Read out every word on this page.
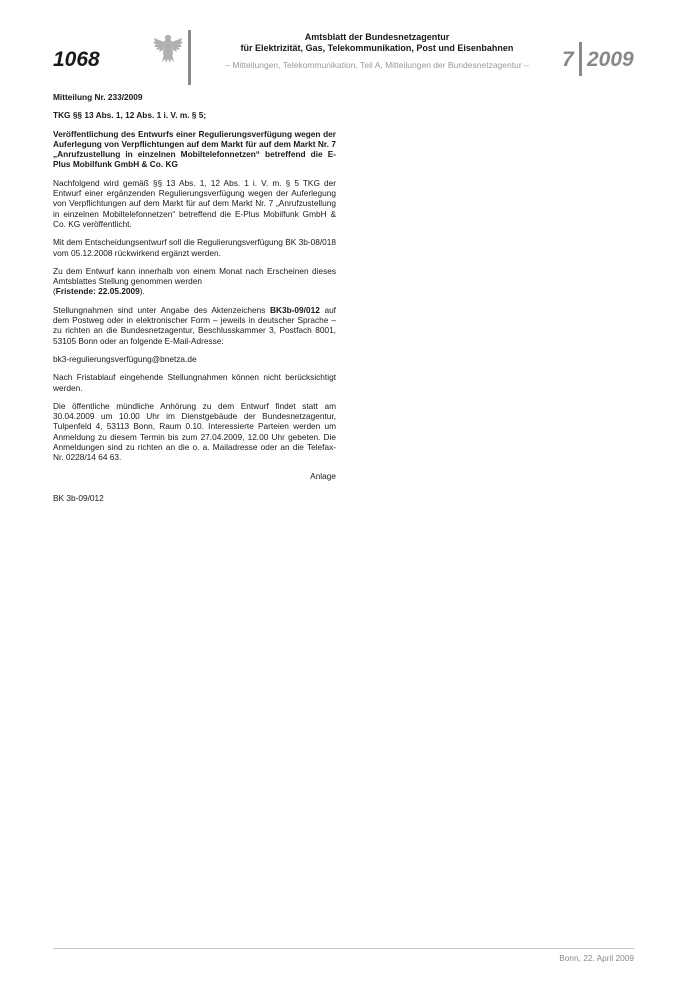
1068
Amtsblatt der Bundesnetzagentur
für Elektrizität, Gas, Telekommunikation, Post und Eisenbahnen
– Mitteilungen, Telekommunikation, Teil A, Mitteilungen der Bundesnetzagentur –	7 2009

Mitteilung Nr. 233/2009

TKG §§ 13 Abs. 1, 12 Abs. 1 i. V. m. § 5;

Veröffentlichung des Entwurfs einer Regulierungsverfügung wegen der Auferlegung von Verpflichtungen auf dem Markt für auf dem Markt Nr. 7 „Anrufzustellung in einzelnen Mobiltelefonnetzen“ betreffend die E-Plus Mobilfunk GmbH & Co. KG

Nachfolgend wird gemäß §§ 13 Abs. 1, 12 Abs. 1 i. V. m. § 5 TKG der Entwurf einer ergänzenden Regulierungsverfügung wegen der Auferlegung von Verpflichtungen auf dem Markt für auf dem Markt Nr. 7 „Anrufzustellung in einzelnen Mobiltelefonnetzen“ betreffend die E-Plus Mobilfunk GmbH & Co. KG veröffentlicht.

Mit dem Entscheidungsentwurf soll die Regulierungsverfügung BK 3b-08/018 vom 05.12.2008 rückwirkend ergänzt werden.

Zu dem Entwurf kann innerhalb von einem Monat nach Erscheinen dieses Amtsblattes Stellung genommen werden
(Fristende: 22.05.2009).

Stellungnahmen sind unter Angabe des Aktenzeichens BK3b-09/012 auf dem Postweg oder in elektronischer Form – jeweils in deutscher Sprache – zu richten an die Bundesnetzagentur, Beschlusskammer 3, Postfach 8001, 53105 Bonn oder an folgende E-Mail-Adresse:

bk3-regulierungsverfügung@bnetza.de

Nach Fristablauf eingehende Stellungnahmen können nicht berücksichtigt werden.

Die öffentliche mündliche Anhörung zu dem Entwurf findet statt am 30.04.2009 um 10.00 Uhr im Dienstgebäude der Bundesnetzagentur, Tulpenfeld 4, 53113 Bonn, Raum 0.10. Interessierte Parteien werden um Anmeldung zu diesem Termin bis zum 27.04.2009, 12.00 Uhr gebeten. Die Anmeldungen sind zu richten an die o. a. Mailadresse oder an die Telefax-Nr. 0228/14 64 63.

Anlage

BK 3b-09/012

Bonn, 22. April 2009
